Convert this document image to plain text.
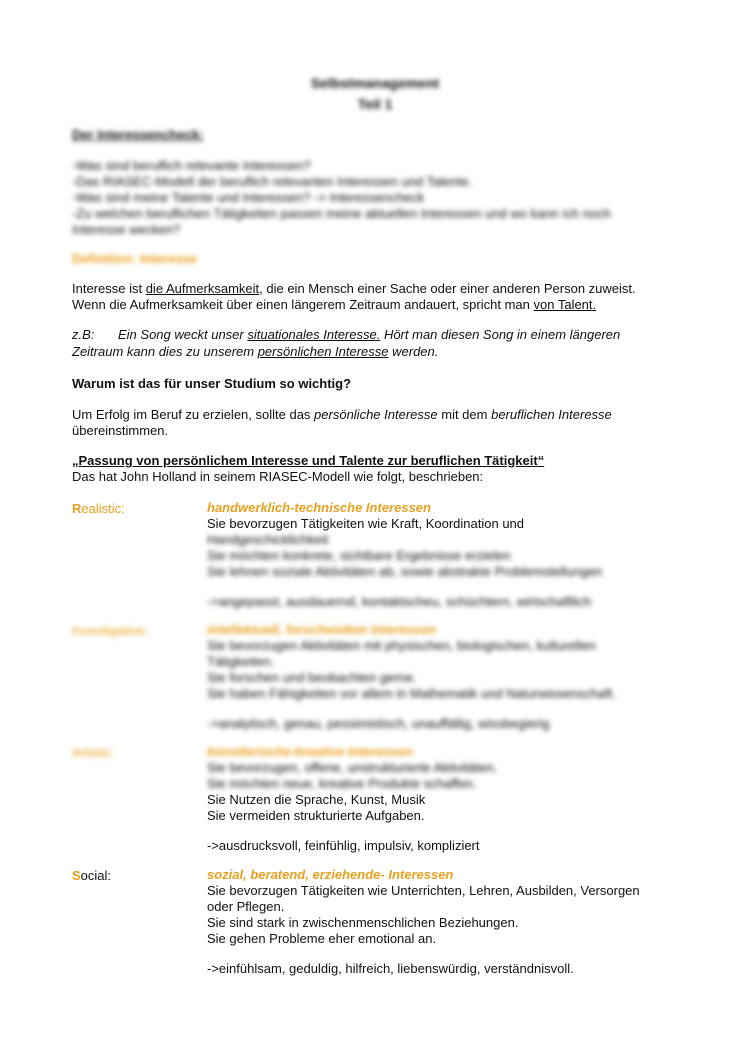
Selbstmanagement
Teil 1
Der Interessencheck:
-Was sind beruflich relevante Interessen?
-Das RIASEC-Modell der beruflich relevanten Interessen und Talente.
-Was sind meine Talente und Interessen? -> Interessencheck
-Zu welchen beruflichen Tätigkeiten passen meine aktuellen Interessen und wo kann ich noch
Interesse wecken?
Definition: Interesse
Interesse ist die Aufmerksamkeit, die ein Mensch einer Sache oder einer anderen Person zuweist.
Wenn die Aufmerksamkeit über einen längerem Zeitraum andauert, spricht man von Talent.
z.B: Ein Song weckt unser situationales Interesse. Hört man diesen Song in einem längeren
Zeitraum kann dies zu unserem persönlichen Interesse werden.
Warum ist das für unser Studium so wichtig?
Um Erfolg im Beruf zu erzielen, sollte das persönliche Interesse mit dem beruflichen Interesse
übereinstimmen.
„Passung von persönlichem Interesse und Talente zur beruflichen Tätigkeit“
Das hat John Holland in seinem RIASEC-Modell wie folgt, beschrieben:
Realistic:	handwerklich-technische Interessen
Sie bevorzugen Tätigkeiten wie Kraft, Koordination und
Handgeschicklichkeit
Sie möchten konkrete, sichtbare Ergebnisse erzielen
Sie lehnen soziale Aktivitäten ab, sowie abstrakte Problemstellungen
->angepasst, ausdauernd, kontaktscheu, schüchtern, wirtschaftlich
Investigative:	intellektuell, forschendem Interessen
Sie bevorzugen Aktivitäten mit physischen, biologischen, kulturellen
Tätigkeiten.
Sie forschen und beobachten gerne.
Sie haben Fähigkeiten vor allem in Mathematik und Naturwissenschaft.
->analytisch, genau, pessimistisch, unauffällig, wissbegierig
Artistic:	künstlerische-kreative Interessen
Sie bevorzugen, offene, unstrukturierte Aktivitäten.
Sie möchten neue, kreative Produkte schaffen.
Sie Nutzen die Sprache, Kunst, Musik
Sie vermeiden strukturierte Aufgaben.
->ausdrucksvoll, feinfühlig, impulsiv, kompliziert
Social:	sozial, beratend, erziehende- Interessen
Sie bevorzugen Tätigkeiten wie Unterrichten, Lehren, Ausbilden, Versorgen
oder Pflegen.
Sie sind stark in zwischenmenschlichen Beziehungen.
Sie gehen Probleme eher emotional an.
->einfühlsam, geduldig, hilfreich, liebenswürdig, verständnisvoll.
